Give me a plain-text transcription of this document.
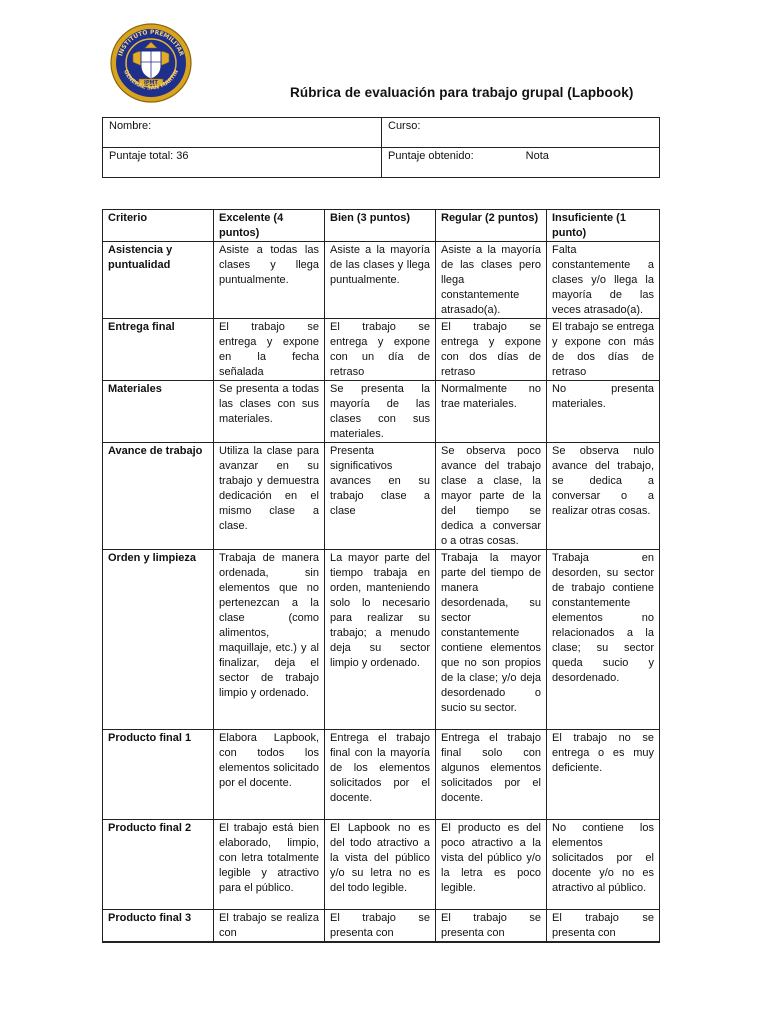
IPMT
INSTITUTO PREMILITAR
GENERAL SAN MARTIN
Rúbrica de evaluación para trabajo grupal (Lapbook)
Nombre:	Curso:
Puntaje total: 36	Puntaje obtenido: Nota
Criterio	Excelente (4 puntos)	Bien (3 puntos)	Regular (2 puntos)	Insuficiente (1 punto)
Asistencia y puntualidad	Asiste a todas las clases y llega puntualmente.	Asiste a la mayoría de las clases y llega puntualmente.	Asiste a la mayoría de las clases pero llega constantemente atrasado(a).	Falta constantemente a clases y/o llega la mayoría de las veces atrasado(a).
Entrega final	El trabajo se entrega y expone en la fecha señalada	El trabajo se entrega y expone con un día de retraso	El trabajo se entrega y expone con dos días de retraso	El trabajo se entrega y expone con más de dos días de retraso
Materiales	Se presenta a todas las clases con sus materiales.	Se presenta la mayoría de las clases con sus materiales.	Normalmente no trae materiales.	No presenta materiales.
Avance de trabajo	Utiliza la clase para avanzar en su trabajo y demuestra dedicación en el mismo clase a clase.	Presenta significativos avances en su trabajo clase a clase	Se observa poco avance del trabajo clase a clase, la mayor parte de la del tiempo se dedica a conversar o a otras cosas.	Se observa nulo avance del trabajo, se dedica a conversar o a realizar otras cosas.
Orden y limpieza	Trabaja de manera ordenada, sin elementos que no pertenezcan a la clase (como alimentos, maquillaje, etc.) y al finalizar, deja el sector de trabajo limpio y ordenado.	La mayor parte del tiempo trabaja en orden, manteniendo solo lo necesario para realizar su trabajo; a menudo deja su sector limpio y ordenado.	Trabaja la mayor parte del tiempo de manera desordenada, su sector constantemente contiene elementos que no son propios de la clase; y/o deja desordenado o sucio su sector.	Trabaja en desorden, su sector de trabajo contiene constantemente elementos no relacionados a la clase; su sector queda sucio y desordenado.
Producto final 1	Elabora Lapbook, con todos los elementos solicitado por el docente.	Entrega el trabajo final con la mayoría de los elementos solicitados por el docente.	Entrega el trabajo final solo con algunos elementos solicitados por el docente.	El trabajo no se entrega o es muy deficiente.
Producto final 2	El trabajo está bien elaborado, limpio, con letra totalmente legible y atractivo para el público.	El Lapbook no es del todo atractivo a la vista del público y/o su letra no es del todo legible.	El producto es del poco atractivo a la vista del público y/o la letra es poco legible.	No contiene los elementos solicitados por el docente y/o no es atractivo al público.
Producto final 3	El trabajo se realiza con	El trabajo se presenta con	El trabajo se presenta con	El trabajo se presenta con
